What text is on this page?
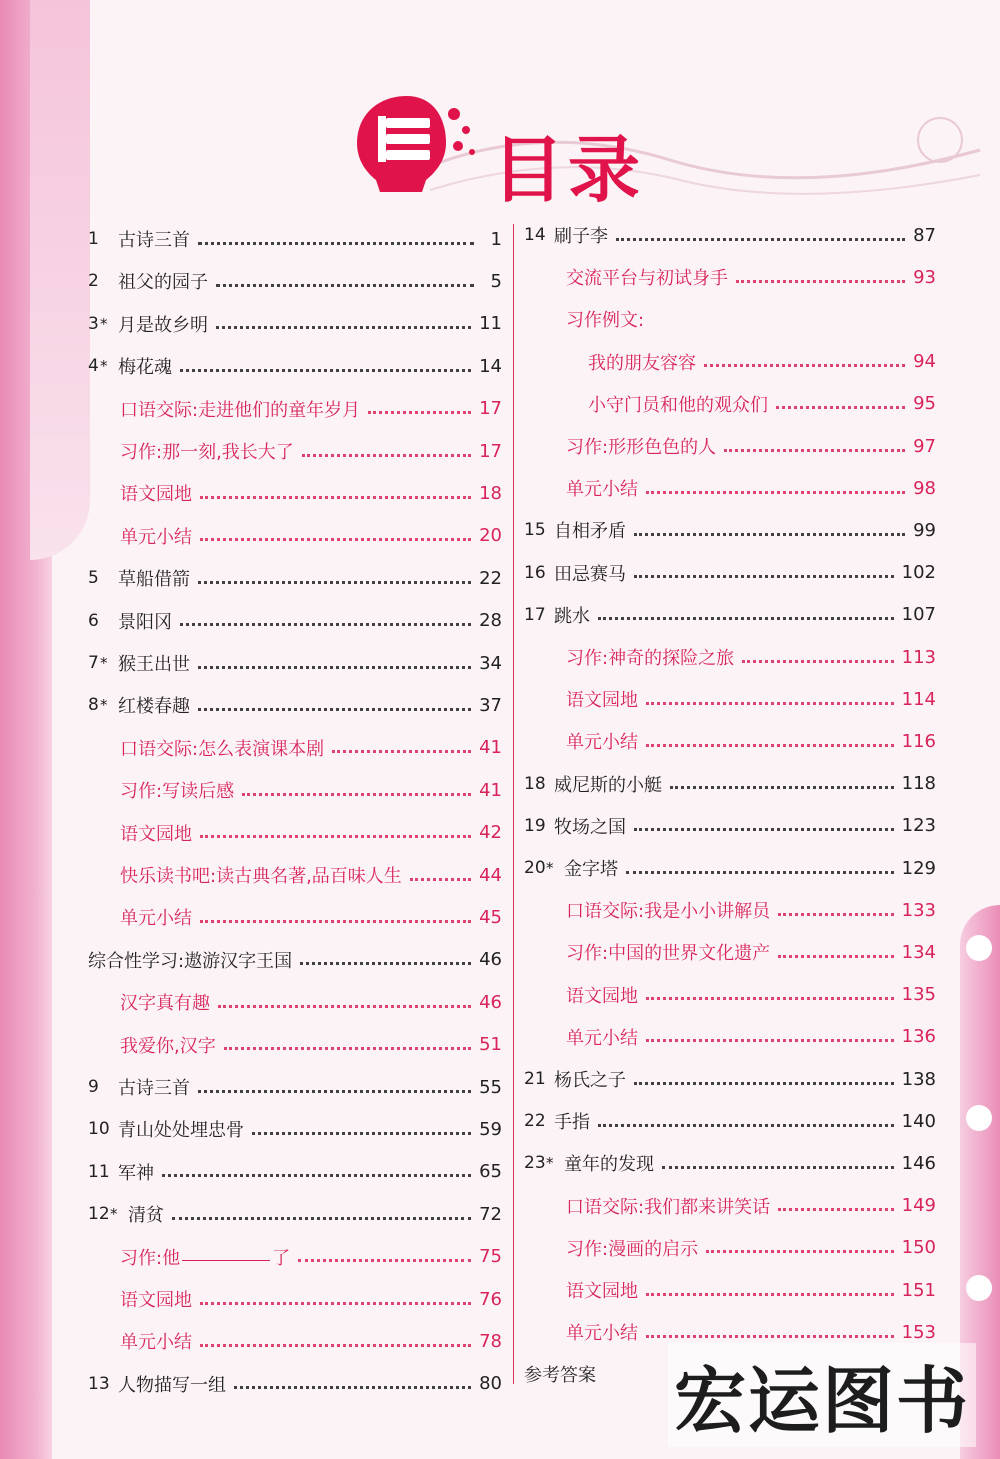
目录
1	古诗三首	1
2	祖父的园子	5
3 * 月是故乡明	11
4 * 梅花魂	14
口语交际:走进他们的童年岁月	17
习作:那一刻,我长大了	17
语文园地	18
单元小结	20
5	草船借箭	22
6	景阳冈	28
7 * 猴王出世	34
8 * 红楼春趣	37
口语交际:怎么表演课本剧	41
习作:写读后感	41
语文园地	42
快乐读书吧:读古典名著,品百味人生	44
单元小结	45
综合性学习:遨游汉字王国	46
汉字真有趣	46
我爱你,汉字	51
9	古诗三首	55
10 青山处处埋忠骨	59
11 军神	65
12 * 清贫	72
习作:他	了	75
语文园地	76
单元小结	78
13 人物描写一组	80
14 刷子李	87
交流平台与初试身手	93
习作例文:
我的朋友容容	94
小守门员和他的观众们	95
习作:形形色色的人	97
单元小结	98
15 自相矛盾	99
16 田忌赛马	102
17 跳水	107
习作:神奇的探险之旅	113
语文园地	114
单元小结	116
18 威尼斯的小艇	118
19 牧场之国	123
20 * 金字塔	129
口语交际:我是小小讲解员	133
习作:中国的世界文化遗产	134
语文园地	135
单元小结	136
21 杨氏之子	138
22 手指	140
23 * 童年的发现	146
口语交际:我们都来讲笑话	149
习作:漫画的启示	150
语文园地	151
单元小结	153
参考答案 宏运图书
